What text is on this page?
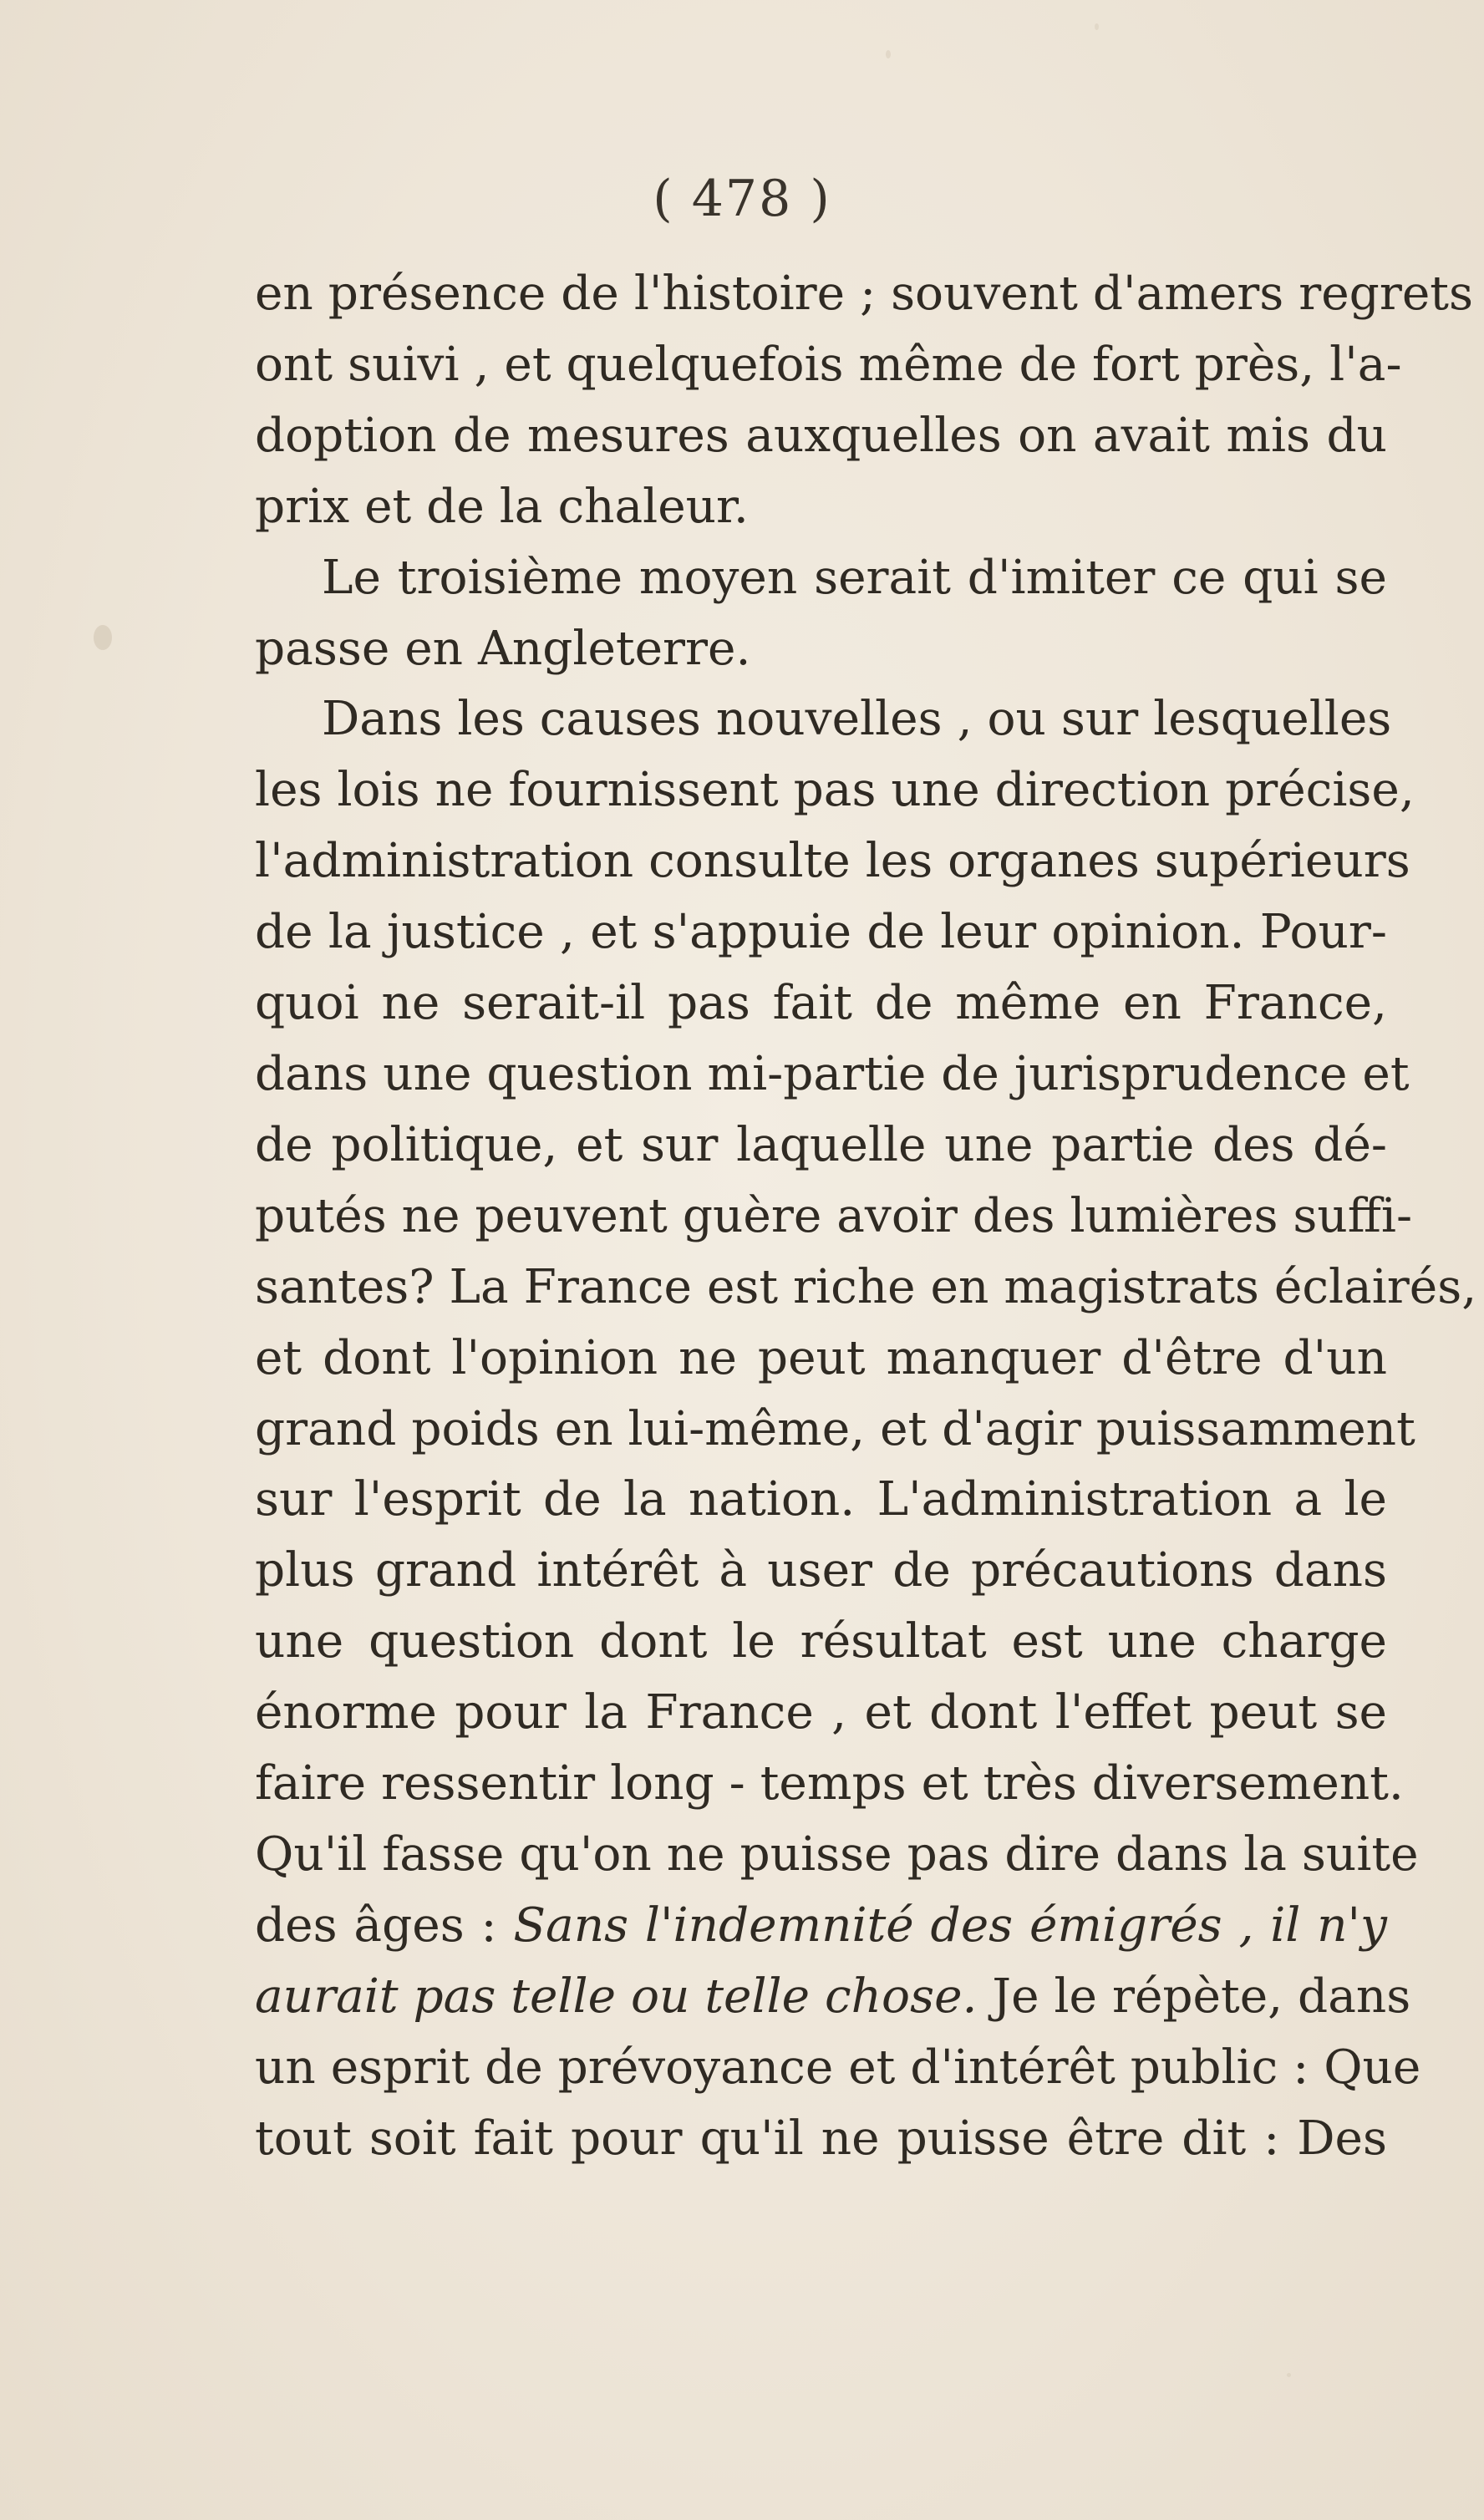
( 478 )
en présence de l'histoire ; souvent d'amers regrets
ont suivi , et quelquefois même de fort près, l'a-
doption de mesures auxquelles on avait mis du
prix et de la chaleur.
Le troisième moyen serait d'imiter ce qui se
passe en Angleterre.
Dans les causes nouvelles , ou sur lesquelles
les lois ne fournissent pas une direction précise,
l'administration consulte les organes supérieurs
de la justice , et s'appuie de leur opinion. Pour-
quoi ne serait-il pas fait de même en France,
dans une question mi-partie de jurisprudence et
de politique, et sur laquelle une partie des dé-
putés ne peuvent guère avoir des lumières suffi-
santes? La France est riche en magistrats éclairés,
et dont l'opinion ne peut manquer d'être d'un
grand poids en lui-même, et d'agir puissamment
sur l'esprit de la nation. L'administration a le
plus grand intérêt à user de précautions dans
une question dont le résultat est une charge
énorme pour la France , et dont l'effet peut se
faire ressentir long - temps et très diversement.
Qu'il fasse qu'on ne puisse pas dire dans la suite
des âges : Sans l'indemnité des émigrés , il n'y
aurait pas telle ou telle chose. Je le répète, dans
un esprit de prévoyance et d'intérêt public : Que
tout soit fait pour qu'il ne puisse être dit : Des
